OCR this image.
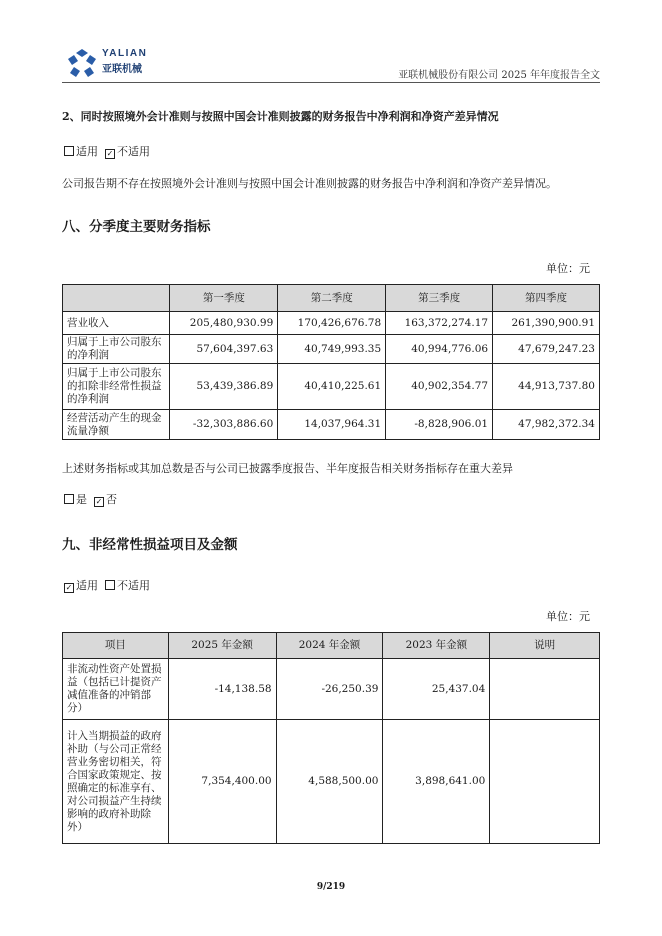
YALIAN
亚联机械
亚联机械股份有限公司 2025 年年度报告全文
2、同时按照境外会计准则与按照中国会计准则披露的财务报告中净利润和净资产差异情况
适用 ✓ 不适用
公司报告期不存在按照境外会计准则与按照中国会计准则披露的财务报告中净利润和净资产差异情况。
八、分季度主要财务指标
单位：元
	第一季度	第二季度	第三季度	第四季度
营业收入	205,480,930.99	170,426,676.78	163,372,274.17	261,390,900.91
归属于上市公司股东的净利润	57,604,397.63	40,749,993.35	40,994,776.06	47,679,247.23
归属于上市公司股东的扣除非经常性损益的净利润	53,439,386.89	40,410,225.61	40,902,354.77	44,913,737.80
经营活动产生的现金流量净额	-32,303,886.60	14,037,964.31	-8,828,906.01	47,982,372.34
上述财务指标或其加总数是否与公司已披露季度报告、半年度报告相关财务指标存在重大差异
是 ✓ 否
九、非经常性损益项目及金额
✓ 适用 不适用
单位：元
项目	2025 年金额	2024 年金额	2023 年金额	说明
非流动性资产处置损益（包括已计提资产减值准备的冲销部分）	-14,138.58	-26,250.39	25,437.04	
计入当期损益的政府补助（与公司正常经营业务密切相关，符合国家政策规定、按照确定的标准享有、对公司损益产生持续影响的政府补助除外）	7,354,400.00	4,588,500.00	3,898,641.00	
9/219
